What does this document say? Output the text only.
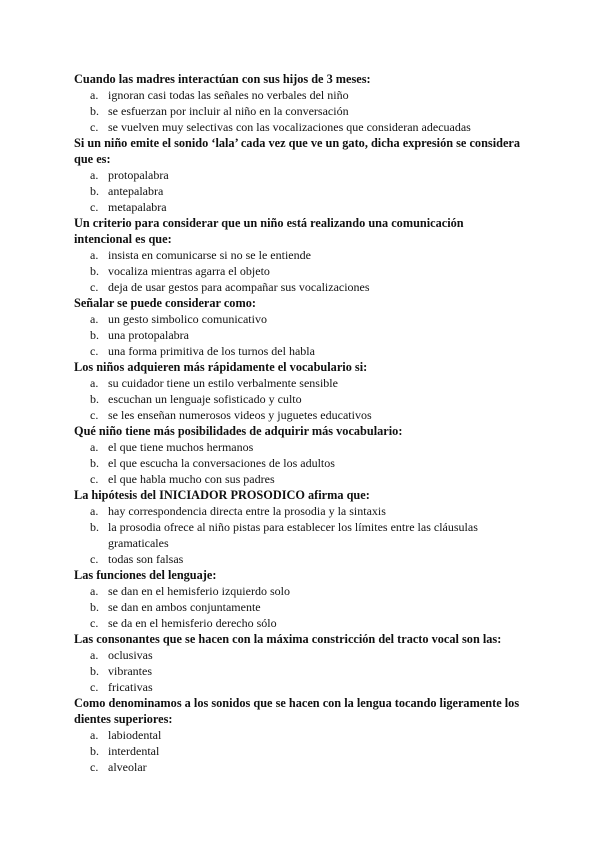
Cuando las madres interactúan con sus hijos de 3 meses:

a. ignoran casi todas las señales no verbales del niño
b. se esfuerzan por incluir al niño en la conversación
c. se vuelven muy selectivas con las vocalizaciones que consideran adecuadas

Si un niño emite el sonido ‘lala’ cada vez que ve un gato, dicha expresión se considera que es:

a. protopalabra
b. antepalabra
c. metapalabra

Un criterio para considerar que un niño está realizando una comunicación intencional es que:

a. insista en comunicarse si no se le entiende
b. vocaliza mientras agarra el objeto
c. deja de usar gestos para acompañar sus vocalizaciones

Señalar se puede considerar como:

a. un gesto simbolico comunicativo
b. una protopalabra
c. una forma primitiva de los turnos del habla

Los niños adquieren más rápidamente el vocabulario si:

a. su cuidador tiene un estilo verbalmente sensible
b. escuchan un lenguaje sofisticado y culto
c. se les enseñan numerosos videos y juguetes educativos

Qué niño tiene más posibilidades de adquirir más vocabulario:

a. el que tiene muchos hermanos
b. el que escucha la conversaciones de los adultos
c. el que habla mucho con sus padres

La hipótesis del INICIADOR PROSODICO afirma que:

a. hay correspondencia directa entre la prosodia y la sintaxis
b. la prosodia ofrece al niño pistas para establecer los límites entre las cláusulas gramaticales
c. todas son falsas

Las funciones del lenguaje:

a. se dan en el hemisferio izquierdo solo
b. se dan en ambos conjuntamente
c. se da en el hemisferio derecho sólo

Las consonantes que se hacen con la máxima constricción del tracto vocal son las:

a. oclusivas
b. vibrantes
c. fricativas

Como denominamos a los sonidos que se hacen con la lengua tocando ligeramente los dientes superiores:

a. labiodental
b. interdental
c. alveolar
